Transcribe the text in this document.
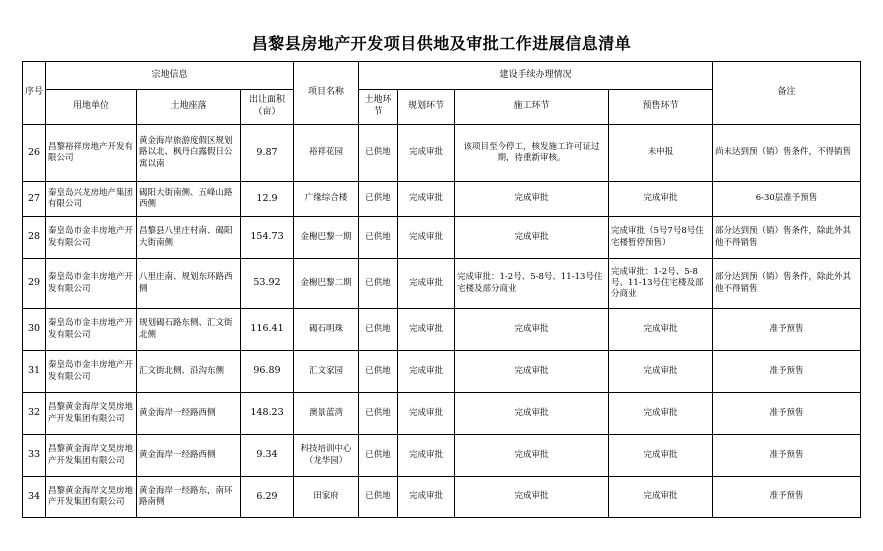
昌黎县房地产开发项目供地及审批工作进展信息清单
序号	宗地信息			项目名称	建设手续办理情况				备注
	用地单位	土地座落	出让面积（亩）		土地环节	规划环节	施工环节	预售环节	
26	昌黎裕祥房地产开发有限公司	黄金海岸旅游度假区规划路以北、枫丹白露假日公寓以南	9.87	裕祥花园	已供地	完成审批	该项目至今停工，核发施工许可证过期，待重新审核。	未申报	尚未达到预（销）售条件，不得销售
27	秦皇岛兴龙房地产集团有限公司	碣阳大街南侧、五峰山路西侧	12.9	广缘综合楼	已供地	完成审批	完成审批	完成审批	6-30层准予预售
28	秦皇岛市金丰房地产开发有限公司	昌黎县八里庄村南、碣阳大街南侧	154.73	金榭巴黎一期	已供地	完成审批	完成审批	完成审批（5号7号8号住宅楼暂停预售）	部分达到预（销）售条件，除此外其他不得销售
29	秦皇岛市金丰房地产开发有限公司	八里庄南、规划东环路西侧	53.92	金榭巴黎二期	已供地	完成审批	完成审批：1-2号、5-8号、11-13号住宅楼及部分商业	完成审批：1-2号、5-8号、11-13号住宅楼及部分商业	部分达到预（销）售条件，除此外其他不得销售
30	秦皇岛市金丰房地产开发有限公司	规划碣石路东侧、汇文街北侧	116.41	碣石明珠	已供地	完成审批	完成审批	完成审批	准予预售
31	秦皇岛市金丰房地产开发有限公司	汇文街北侧、沿沟东侧	96.89	汇文家园	已供地	完成审批	完成审批	完成审批	准予预售
32	昌黎黄金海岸文昊房地产开发集团有限公司	黄金海岸一经路西侧	148.23	澳景蓝湾	已供地	完成审批	完成审批	完成审批	准予预售
33	昌黎黄金海岸文昊房地产开发集团有限公司	黄金海岸一经路西侧	9.34	科技培训中心（龙华园）	已供地	完成审批	完成审批	完成审批	准予预售
34	昌黎黄金海岸文昊房地产开发集团有限公司	黄金海岸一经路东，南环路南侧	6.29	田家府	已供地	完成审批	完成审批	完成审批	准予预售
